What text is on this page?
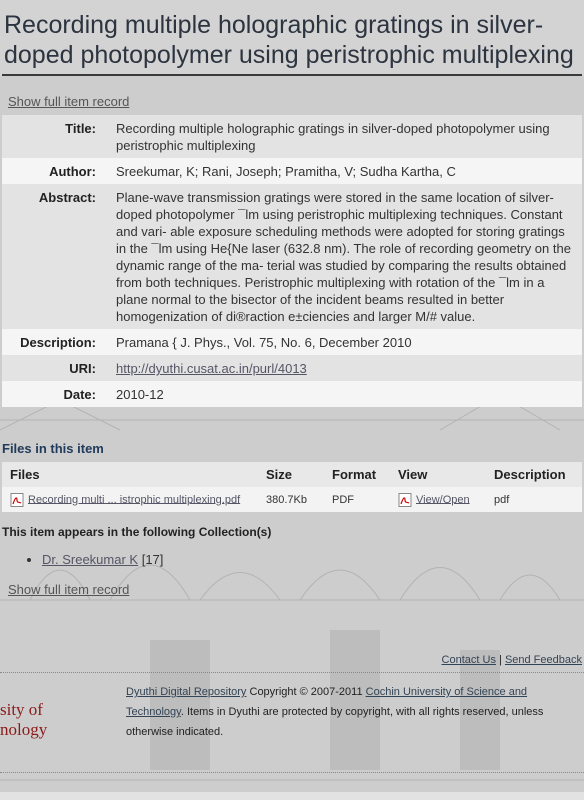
Recording multiple holographic gratings in silver-doped photopolymer using peristrophic multiplexing
Show full item record
Title:	Recording multiple holographic gratings in silver-doped photopolymer using peristrophic multiplexing
Author:	Sreekumar, K; Rani, Joseph; Pramitha, V; Sudha Kartha, C
Abstract:	Plane-wave transmission gratings were stored in the same location of silver-doped photopolymer ¯lm using peristrophic multiplexing techniques. Constant and vari- able exposure scheduling methods were adopted for storing gratings in the ¯lm using He{Ne laser (632.8 nm). The role of recording geometry on the dynamic range of the ma- terial was studied by comparing the results obtained from both techniques. Peristrophic multiplexing with rotation of the ¯lm in a plane normal to the bisector of the incident beams resulted in better homogenization of di®raction e±ciencies and larger M/# value.
Description:	Pramana { J. Phys., Vol. 75, No. 6, December 2010
URI:	http://dyuthi.cusat.ac.in/purl/4013
Date:	2010-12
Files in this item
Files	Size	Format	View	Description
Recording multi ... istrophic multiplexing.pdf	380.7Kb	PDF	View/Open	pdf
This item appears in the following Collection(s)
• Dr. Sreekumar K [17]
Show full item record
Contact Us | Send Feedback
sity of
nology
Dyuthi Digital Repository Copyright © 2007-2011 Cochin University of Science and Technology. Items in Dyuthi are protected by copyright, with all rights reserved, unless otherwise indicated.
